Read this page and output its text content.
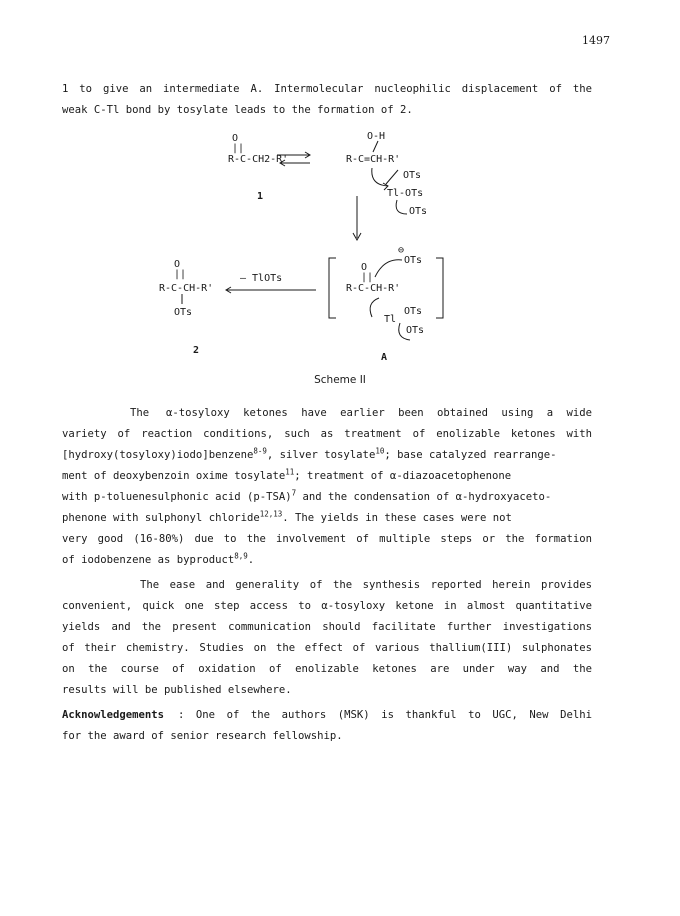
1497
1 to give an intermediate A. Intermolecular nucleophilic displacement of the
weak C-Tl bond by tosylate leads to the formation of 2.
O
||
R-C-CH2-R'
1
O-H
R-C=CH-R'
OTs
Tl-OTs
OTs
⊖
OTs
O
||
R-C-CH-R'
Tl
OTs
OTs
A
— TlOTs
O
||
R-C-CH-R'
OTs
2
Scheme II
The α-tosyloxy ketones have earlier been obtained using a wide
variety of reaction conditions, such as treatment of enolizable ketones with
[hydroxy(tosyloxy)iodo]benzene$^{8-9}$, silver tosylate$^{10}$; base catalyzed rearrange-
ment of deoxybenzoin oxime tosylate$^{11}$; treatment of α-diazoacetophenone
with p-toluenesulphonic acid $(p-TSA)^7$ and the condensation of α-hydroxyaceto-
phenone with sulphonyl chloride$^{12,13}$. The yields in these cases were not
very good (16-80%) due to the involvement of multiple steps or the formation
of iodobenzene as byproduct$^{8,9}$.
The ease and generality of the synthesis reported herein provides
convenient, quick one step access to α-tosyloxy ketone in almost quantitative
yields and the present communication should facilitate further investigations
of their chemistry. Studies on the effect of various thallium(III) sulphonates
on the course of oxidation of enolizable ketones are under way and the
results will be published elsewhere.
Acknowledgements : One of the authors (MSK) is thankful to UGC, New Delhi
for the award of senior research fellowship.
